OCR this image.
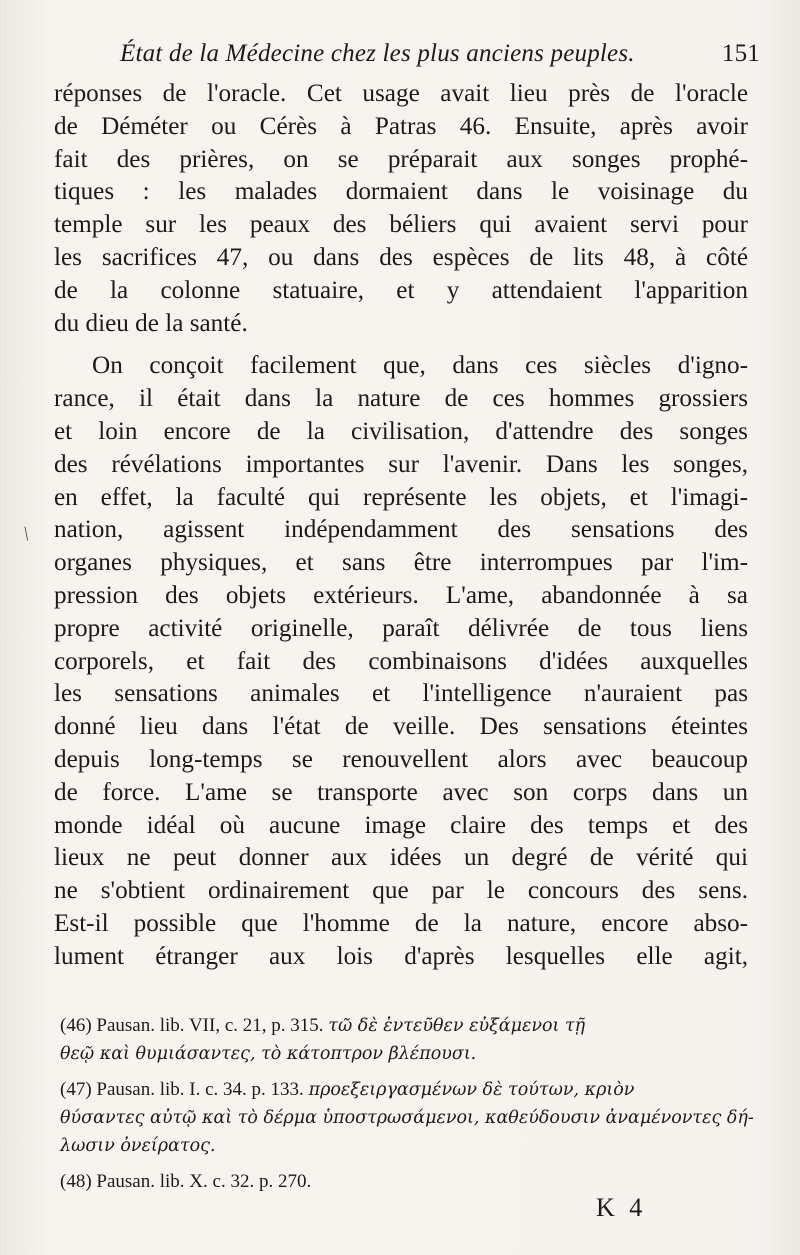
État de la Médecine chez les plus anciens peuples.	151
/
réponses de l'oracle. Cet usage avait lieu près de l'oracle
de Déméter ou Cérès à Patras 46. Ensuite, après avoir
fait des prières, on se préparait aux songes prophé-
tiques : les malades dormaient dans le voisinage du
temple sur les peaux des béliers qui avaient servi pour
les sacrifices 47, ou dans des espèces de lits 48, à côté
de la colonne statuaire, et y attendaient l'apparition
du dieu de la santé.
On conçoit facilement que, dans ces siècles d'igno-
rance, il était dans la nature de ces hommes grossiers
et loin encore de la civilisation, d'attendre des songes
des révélations importantes sur l'avenir. Dans les songes,
en effet, la faculté qui représente les objets, et l'imagi-
nation, agissent indépendamment des sensations des
organes physiques, et sans être interrompues par l'im-
pression des objets extérieurs. L'ame, abandonnée à sa
propre activité originelle, paraît délivrée de tous liens
corporels, et fait des combinaisons d'idées auxquelles
les sensations animales et l'intelligence n'auraient pas
donné lieu dans l'état de veille. Des sensations éteintes
depuis long-temps se renouvellent alors avec beaucoup
de force. L'ame se transporte avec son corps dans un
monde idéal où aucune image claire des temps et des
lieux ne peut donner aux idées un degré de vérité qui
ne s'obtient ordinairement que par le concours des sens.
Est-il possible que l'homme de la nature, encore abso-
lument étranger aux lois d'après lesquelles elle agit,
(46) Pausan. lib. VII, c. 21, p. 315. τῶ δὲ ἐντεῦθεν εὐξάμενοι τῇ
θεῷ καὶ θυμιάσαντες, τὸ κάτοπτρον βλέπουσι.
(47) Pausan. lib. I. c. 34. p. 133. προεξειργασμένων δὲ τούτων, κριὸν
θύσαντες αὐτῷ καὶ τὸ δέρμα ὑποστρωσάμενοι, καθεύδουσιν ἀναμένοντες δή-
λωσιν ὀνείρατος.
(48) Pausan. lib. X. c. 32. p. 270.
K 4
